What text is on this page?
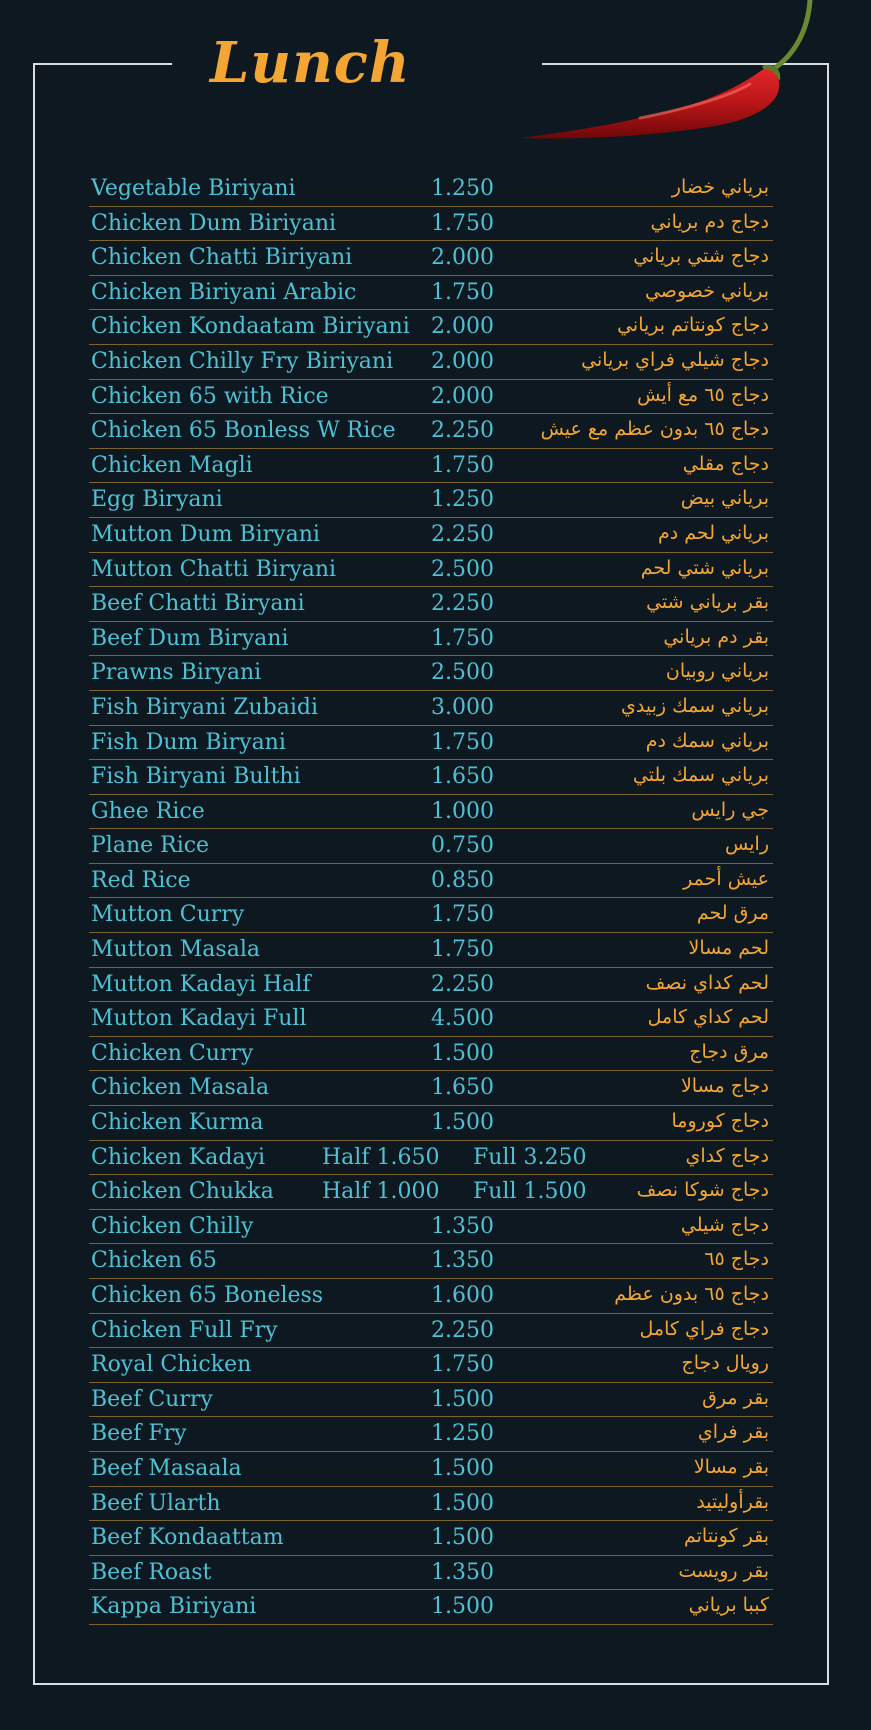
Lunch
Vegetable Biriyani	1.250	برياني خضار
Chicken Dum Biriyani	1.750	دجاج دم برياني
Chicken Chatti Biriyani	2.000	دجاج شتي برياني
Chicken Biriyani Arabic	1.750	برياني خصوصي
Chicken Kondaatam Biriyani 2.000	دجاج كونتاتم برياني
Chicken Chilly Fry Biriyani 2.000	دجاج شيلي فراي برياني
Chicken 65 with Rice	2.000	دجاج ٦٥ مع أيش
Chicken 65 Bonless W Rice 2.250 دجاج ٦٥ بدون عظم مع عيش
Chicken Magli	1.750	دجاج مقلي
Egg Biryani	1.250	برياني بيض
Mutton Dum Biryani	2.250	برياني لحم دم
Mutton Chatti Biryani	2.500	برياني شتي لحم
Beef Chatti Biryani	2.250	بقر برياني شتي
Beef Dum Biryani	1.750	بقر دم برياني
Prawns Biryani	2.500	برياني روبيان
Fish Biryani Zubaidi	3.000	برياني سمك زبيدي
Fish Dum Biryani	1.750	برياني سمك دم
Fish Biryani Bulthi	1.650	برياني سمك بلتي
Ghee Rice	1.000	جي رايس
Plane Rice	0.750	رايس
Red Rice	0.850	عيش أحمر
Mutton Curry	1.750	مرق لحم
Mutton Masala	1.750	لحم مسالا
Mutton Kadayi Half	2.250	لحم كداي نصف
Mutton Kadayi Full	4.500	لحم كداي كامل
Chicken Curry	1.500	مرق دجاج
Chicken Masala	1.650	دجاج مسالا
Chicken Kurma	1.500	دجاج كوروما
Chicken Kadayi	Half 1.650 Full 3.250	دجاج كداي
Chicken Chukka Half 1.000 Full 1.500	دجاج شوكا نصف
Chicken Chilly	1.350	دجاج شيلي
Chicken 65	1.350	دجاج ٦٥
Chicken 65 Boneless	1.600	دجاج ٦٥ بدون عظم
Chicken Full Fry	2.250	دجاج فراي كامل
Royal Chicken	1.750	رويال دجاج
Beef Curry	1.500	بقر مرق
Beef Fry	1.250	بقر فراي
Beef Masaala	1.500	بقر مسالا
Beef Ularth	1.500	بقرأوليتيد
Beef Kondaattam	1.500	بقر كونتاتم
Beef Roast	1.350	بقر رويست
Kappa Biriyani	1.500	كببا برياني
